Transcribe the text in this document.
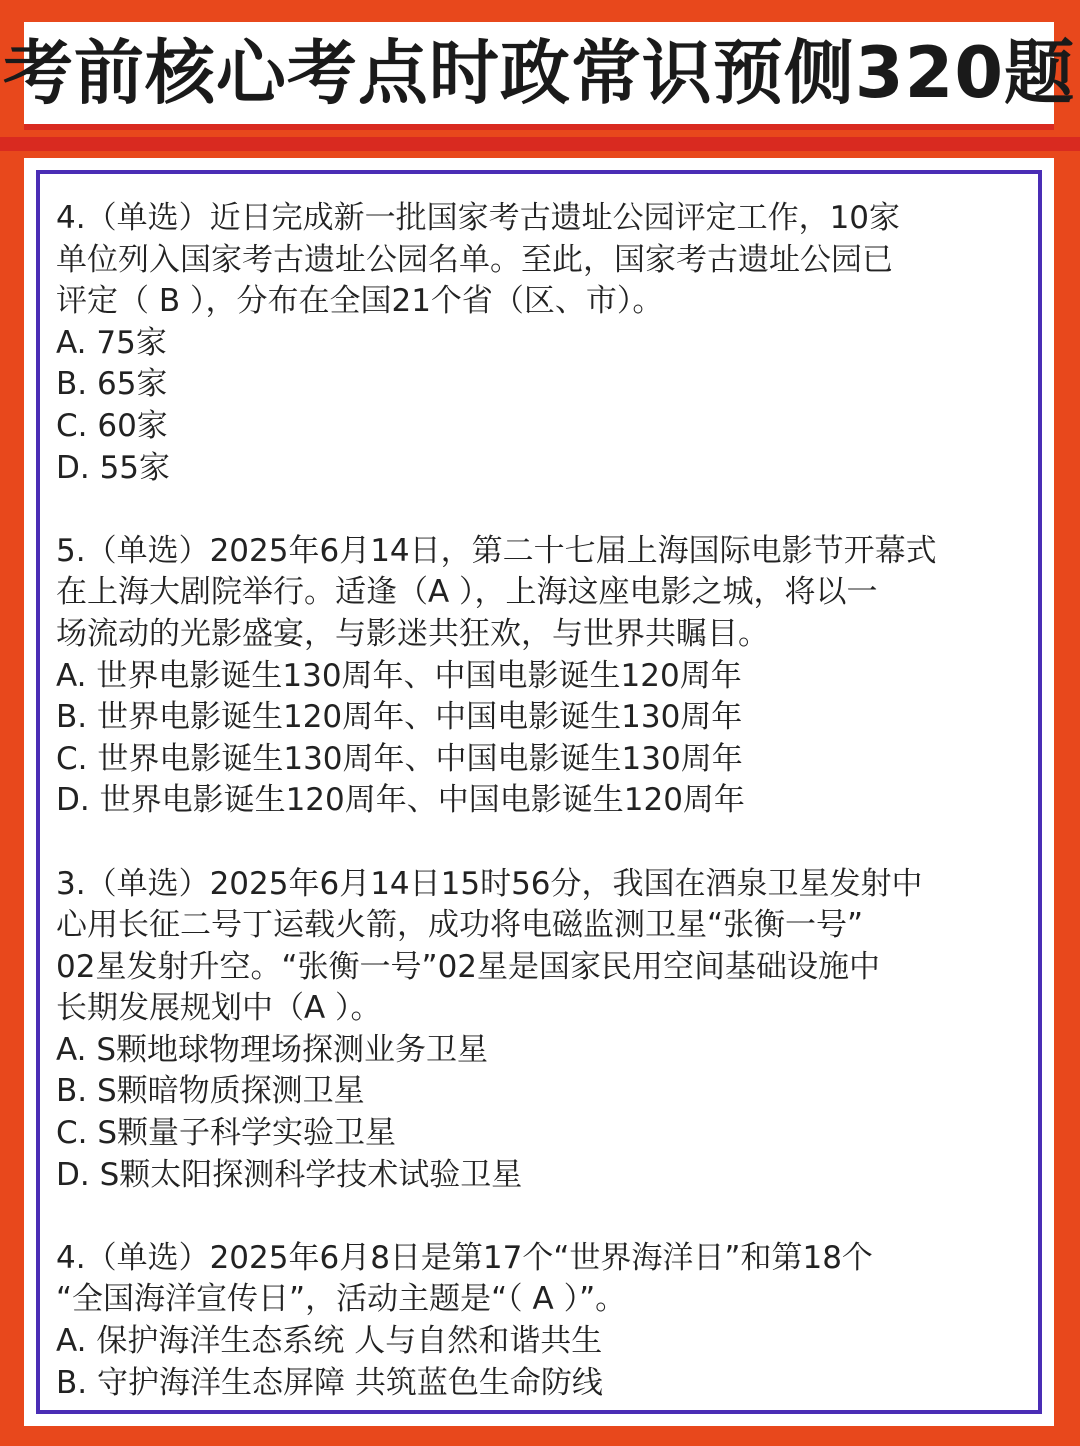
考前核心考点时政常识预侧320题
4.（单选）近日完成新一批国家考古遗址公园评定工作，10家
单位列入国家考古遗址公园名单。至此，国家考古遗址公园已
评定（ B ），分布在全国21个省（区、市）。
A. 75家
B. 65家
C. 60家
D. 55家
5.（单选）2025年6月14日，第二十七届上海国际电影节开幕式
在上海大剧院举行。适逢（A ），上海这座电影之城，将以一
场流动的光影盛宴，与影迷共狂欢，与世界共瞩目。
A. 世界电影诞生130周年、中国电影诞生120周年
B. 世界电影诞生120周年、中国电影诞生130周年
C. 世界电影诞生130周年、中国电影诞生130周年
D. 世界电影诞生120周年、中国电影诞生120周年
3.（单选）2025年6月14日15时56分，我国在酒泉卫星发射中
心用长征二号丁运载火箭，成功将电磁监测卫星“张衡一号”
02星发射升空。“张衡一号”02星是国家民用空间基础设施中
长期发展规划中（A ）。
A. S颗地球物理场探测业务卫星
B. S颗暗物质探测卫星
C. S颗量子科学实验卫星
D. S颗太阳探测科学技术试验卫星
4.（单选）2025年6月8日是第17个“世界海洋日”和第18个
“全国海洋宣传日”，活动主题是“（ A ）”。
A. 保护海洋生态系统 人与自然和谐共生
B. 守护海洋生态屏障 共筑蓝色生命防线
